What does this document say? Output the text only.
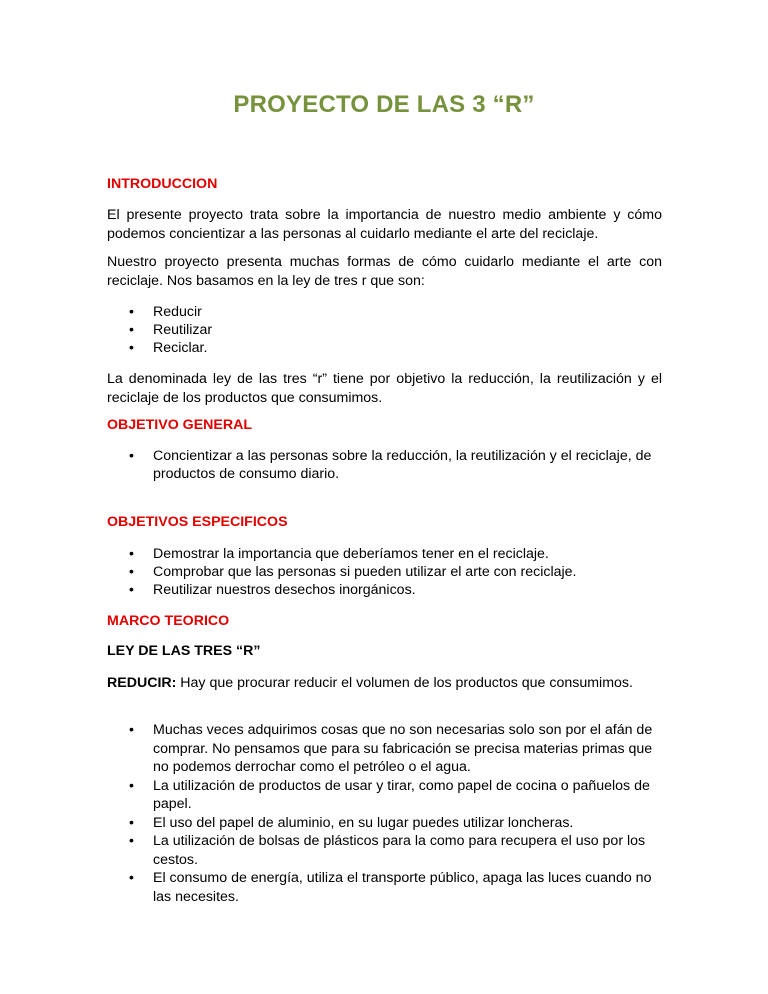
PROYECTO DE LAS 3 “R”
INTRODUCCION
El presente proyecto trata sobre la importancia de nuestro medio ambiente y cómo podemos concientizar a las personas al cuidarlo mediante el arte del reciclaje.
Nuestro proyecto presenta muchas formas de cómo cuidarlo mediante el arte con reciclaje. Nos basamos en la ley de tres r que son:
• Reducir
• Reutilizar
• Reciclar.
La denominada ley de las tres “r” tiene por objetivo la reducción, la reutilización y el reciclaje de los productos que consumimos.
OBJETIVO GENERAL
• Concientizar a las personas sobre la reducción, la reutilización y el reciclaje, de productos de consumo diario.
OBJETIVOS ESPECIFICOS
• Demostrar la importancia que deberíamos tener en el reciclaje.
• Comprobar que las personas si pueden utilizar el arte con reciclaje.
• Reutilizar nuestros desechos inorgánicos.
MARCO TEORICO
LEY DE LAS TRES “R”
REDUCIR: Hay que procurar reducir el volumen de los productos que consumimos.
• Muchas veces adquirimos cosas que no son necesarias solo son por el afán de comprar. No pensamos que para su fabricación se precisa materias primas que no podemos derrochar como el petróleo o el agua.
• La utilización de productos de usar y tirar, como papel de cocina o pañuelos de papel.
• El uso del papel de aluminio, en su lugar puedes utilizar loncheras.
• La utilización de bolsas de plásticos para la como para recupera el uso por los cestos.
• El consumo de energía, utiliza el transporte público, apaga las luces cuando no las necesites.
